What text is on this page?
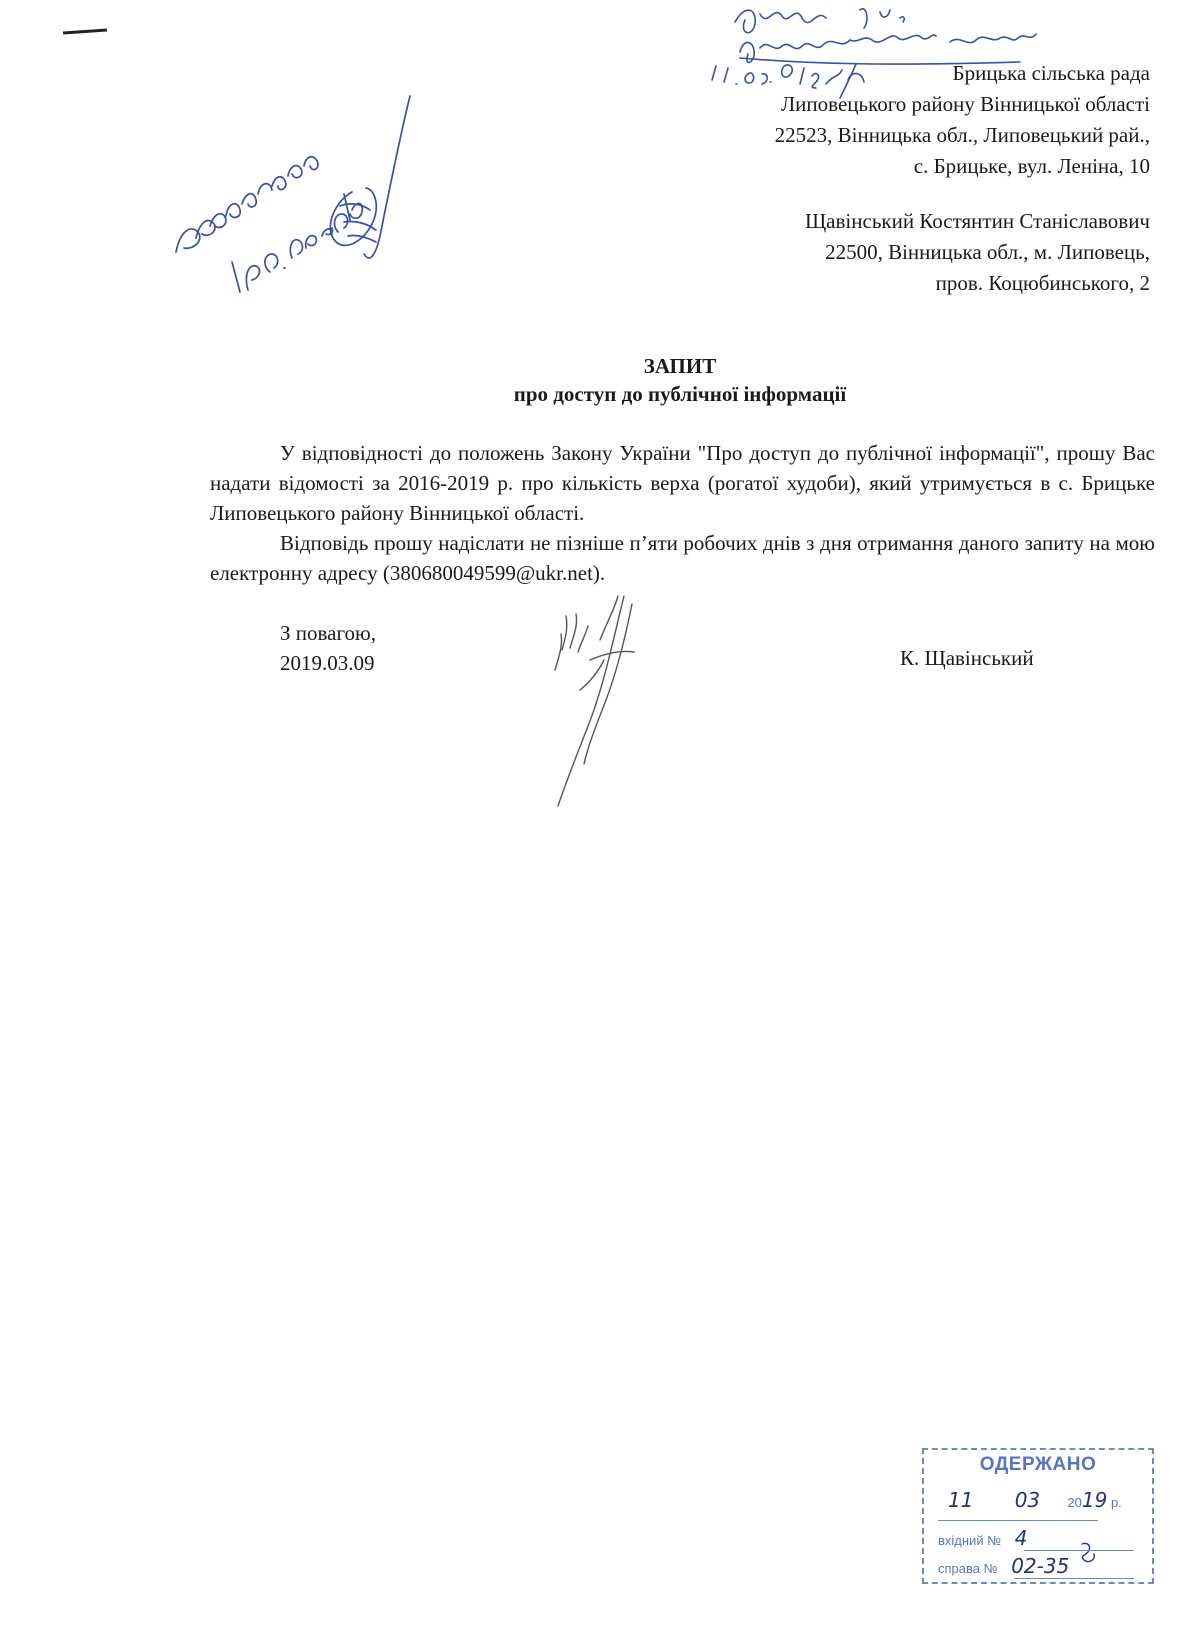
Брицька сільська рада
Липовецького району Вінницької області
22523, Вінницька обл., Липовецький рай.,
с. Брицьке, вул. Леніна, 10
Щавінський Костянтин Станіславович
22500, Вінницька обл., м. Липовець,
пров. Коцюбинського, 2
ЗАПИТ
про доступ до публічної інформації

У відповідності до положень Закону України "Про доступ до публічної інформації", прошу Вас надати відомості за 2016-2019 р. про кількість верха (рогатої худоби), який утримується в с. Брицьке Липовецького району Вінницької області.

Відповідь прошу надіслати не пізніше п’яти робочих днів з дня отримання даного запиту на мою електронну адресу (380680049599@ukr.net).

З повагою,
2019.03.09	К. Щавінський
ОДЕРЖАНО
11 03 2019 р.
вхідний № 4
справа № 02-35
